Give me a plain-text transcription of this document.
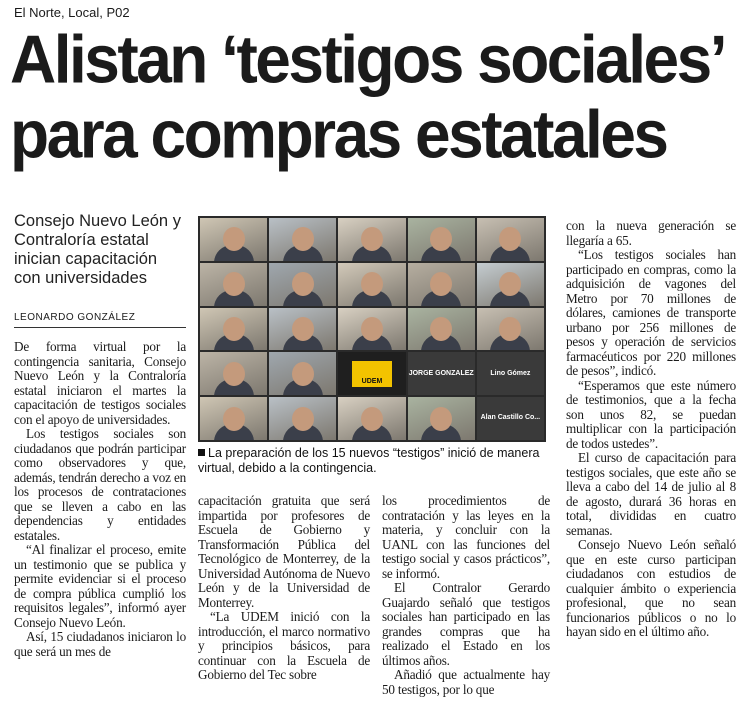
El Norte, Local, P02
Alistan ‘testigos sociales’ para compras estatales
Consejo Nuevo León y Contraloría estatal inician capacitación con universidades
LEONARDO GONZÁLEZ

De forma virtual por la contingencia sanitaria, Consejo Nuevo León y la Contraloría estatal iniciaron el martes la capacitación de testigos sociales con el apoyo de universidades.

Los testigos sociales son ciudadanos que podrán participar como observadores y que, además, tendrán derecho a voz en los procesos de contrataciones que se lleven a cabo en las dependencias y entidades estatales.

“Al finalizar el proceso, emite un testimonio que se publica y permite evidenciar si el proceso de compra pública cumplió los requisitos legales”, informó ayer Consejo Nuevo León.

Así, 15 ciudadanos iniciaron lo que será un mes de

UDEM
JORGE GONZALEZ	Lino Gómez
Alan Castillo Co...
La preparación de los 15 nuevos “testigos” inició de manera virtual, debido a la contingencia.

capacitación gratuita que será impartida por profesores de Escuela de Gobierno y Transformación Pública del Tecnológico de Monterrey, de la Universidad Autónoma de Nuevo León y de la Universidad de Monterrey.

“La UDEM inició con la introducción, el marco normativo y principios básicos, para continuar con la Escuela de Gobierno del Tec sobre

los procedimientos de contratación y las leyes en la materia, y concluir con la UANL con las funciones del testigo social y casos prácticos”, se informó.

El Contralor Gerardo Guajardo señaló que testigos sociales han participado en las grandes compras que ha realizado el Estado en los últimos años.

Añadió que actualmente hay 50 testigos, por lo que

con la nueva generación se llegaría a 65.

“Los testigos sociales han participado en compras, como la adquisición de vagones del Metro por 70 millones de dólares, camiones de transporte urbano por 256 millones de pesos y operación de servicios farmacéuticos por 220 millones de pesos”, indicó.

“Esperamos que este número de testimonios, que a la fecha son unos 82, se puedan multiplicar con la participación de todos ustedes”.

El curso de capacitación para testigos sociales, que este año se lleva a cabo del 14 de julio al 8 de agosto, durará 36 horas en total, divididas en cuatro semanas.

Consejo Nuevo León señaló que en este curso participan ciudadanos con estudios de cualquier ámbito o experiencia profesional, que no sean funcionarios públicos o no lo hayan sido en el último año.
